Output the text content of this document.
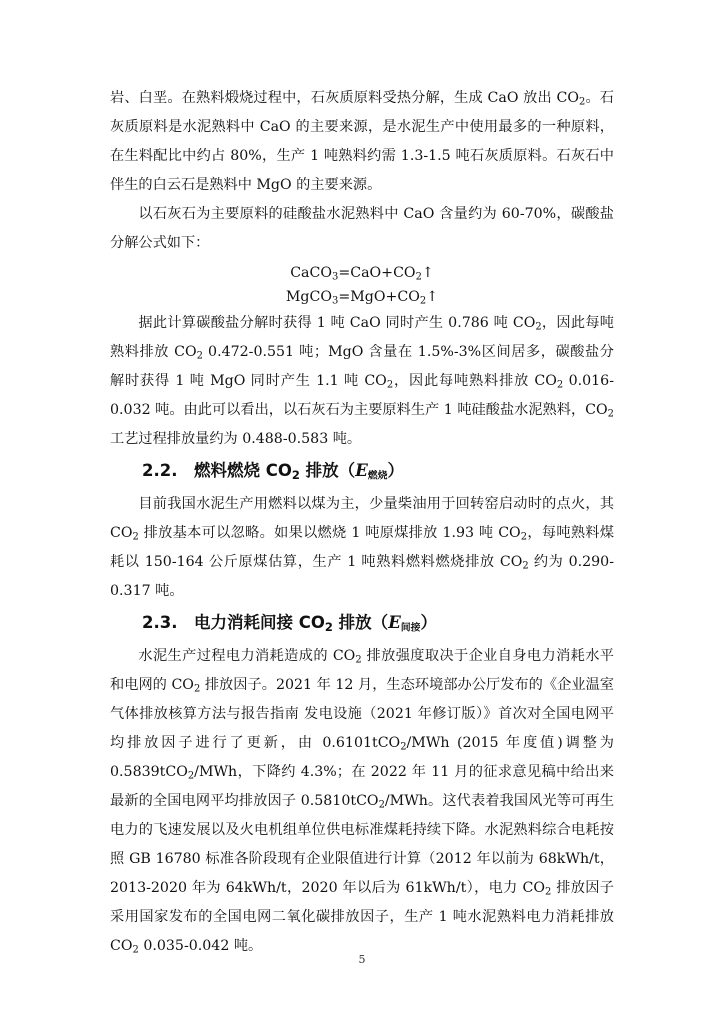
岩、白垩。在熟料煅烧过程中，石灰质原料受热分解，生成 CaO 放出 $CO_2$。石灰质原料是水泥熟料中 CaO 的主要来源，是水泥生产中使用最多的一种原料，在生料配比中约占 80%，生产 1 吨熟料约需 1.3-1.5 吨石灰质原料。石灰石中伴生的白云石是熟料中 MgO 的主要来源。

以石灰石为主要原料的硅酸盐水泥熟料中 CaO 含量约为 60-70%，碳酸盐分解公式如下：

$CaCO_3=CaO+CO_2↑$

$MgCO_3=MgO+CO_2↑$

据此计算碳酸盐分解时获得 1 吨 CaO 同时产生 0.786 吨 $CO_2$，因此每吨熟料排放 $CO_2$ 0.472-0.551 吨；MgO 含量在 1.5%-3%区间居多，碳酸盐分解时获得 1 吨 MgO 同时产生 1.1 吨 $CO_2$，因此每吨熟料排放 $CO_2$ 0.016-0.032 吨。由此可以看出，以石灰石为主要原料生产 1 吨硅酸盐水泥熟料，$CO_2$ 工艺过程排放量约为 0.488-0.583 吨。

2.2. 燃料燃烧 $CO_2$ 排放$(E_{燃烧})$

目前我国水泥生产用燃料以煤为主，少量柴油用于回转窑启动时的点火，其 $CO_2$ 排放基本可以忽略。如果以燃烧 1 吨原煤排放 1.93 吨 $CO_2$，每吨熟料煤耗以 150-164 公斤原煤估算，生产 1 吨熟料燃料燃烧排放 $CO_2$ 约为 0.290-0.317 吨。

2.3. 电力消耗间接 $CO_2$ 排放$(E_{间接})$

水泥生产过程电力消耗造成的 $CO_2$ 排放强度取决于企业自身电力消耗水平和电网的 $CO_2$ 排放因子。2021 年 12 月，生态环境部办公厅发布的《企业温室气体排放核算方法与报告指南 发电设施（2021 年修订版）》首次对全国电网平均排放因子进行了更新，由 0.6101tCO$_2$/MWh (2015 年度值)调整为 0.5839tCO$_2$/MWh，下降约 4.3%；在 2022 年 11 月的征求意见稿中给出来最新的全国电网平均排放因子 0.5810tCO$_2$/MWh。这代表着我国风光等可再生电力的飞速发展以及火电机组单位供电标准煤耗持续下降。水泥熟料综合电耗按照 GB 16780 标准各阶段现有企业限值进行计算（2012 年以前为 68kWh/t，2013-2020 年为 64kWh/t，2020 年以后为 61kWh/t），电力 $CO_2$ 排放因子采用国家发布的全国电网二氧化碳排放因子，生产 1 吨水泥熟料电力消耗排放 $CO_2$ 0.035-0.042 吨。

5
